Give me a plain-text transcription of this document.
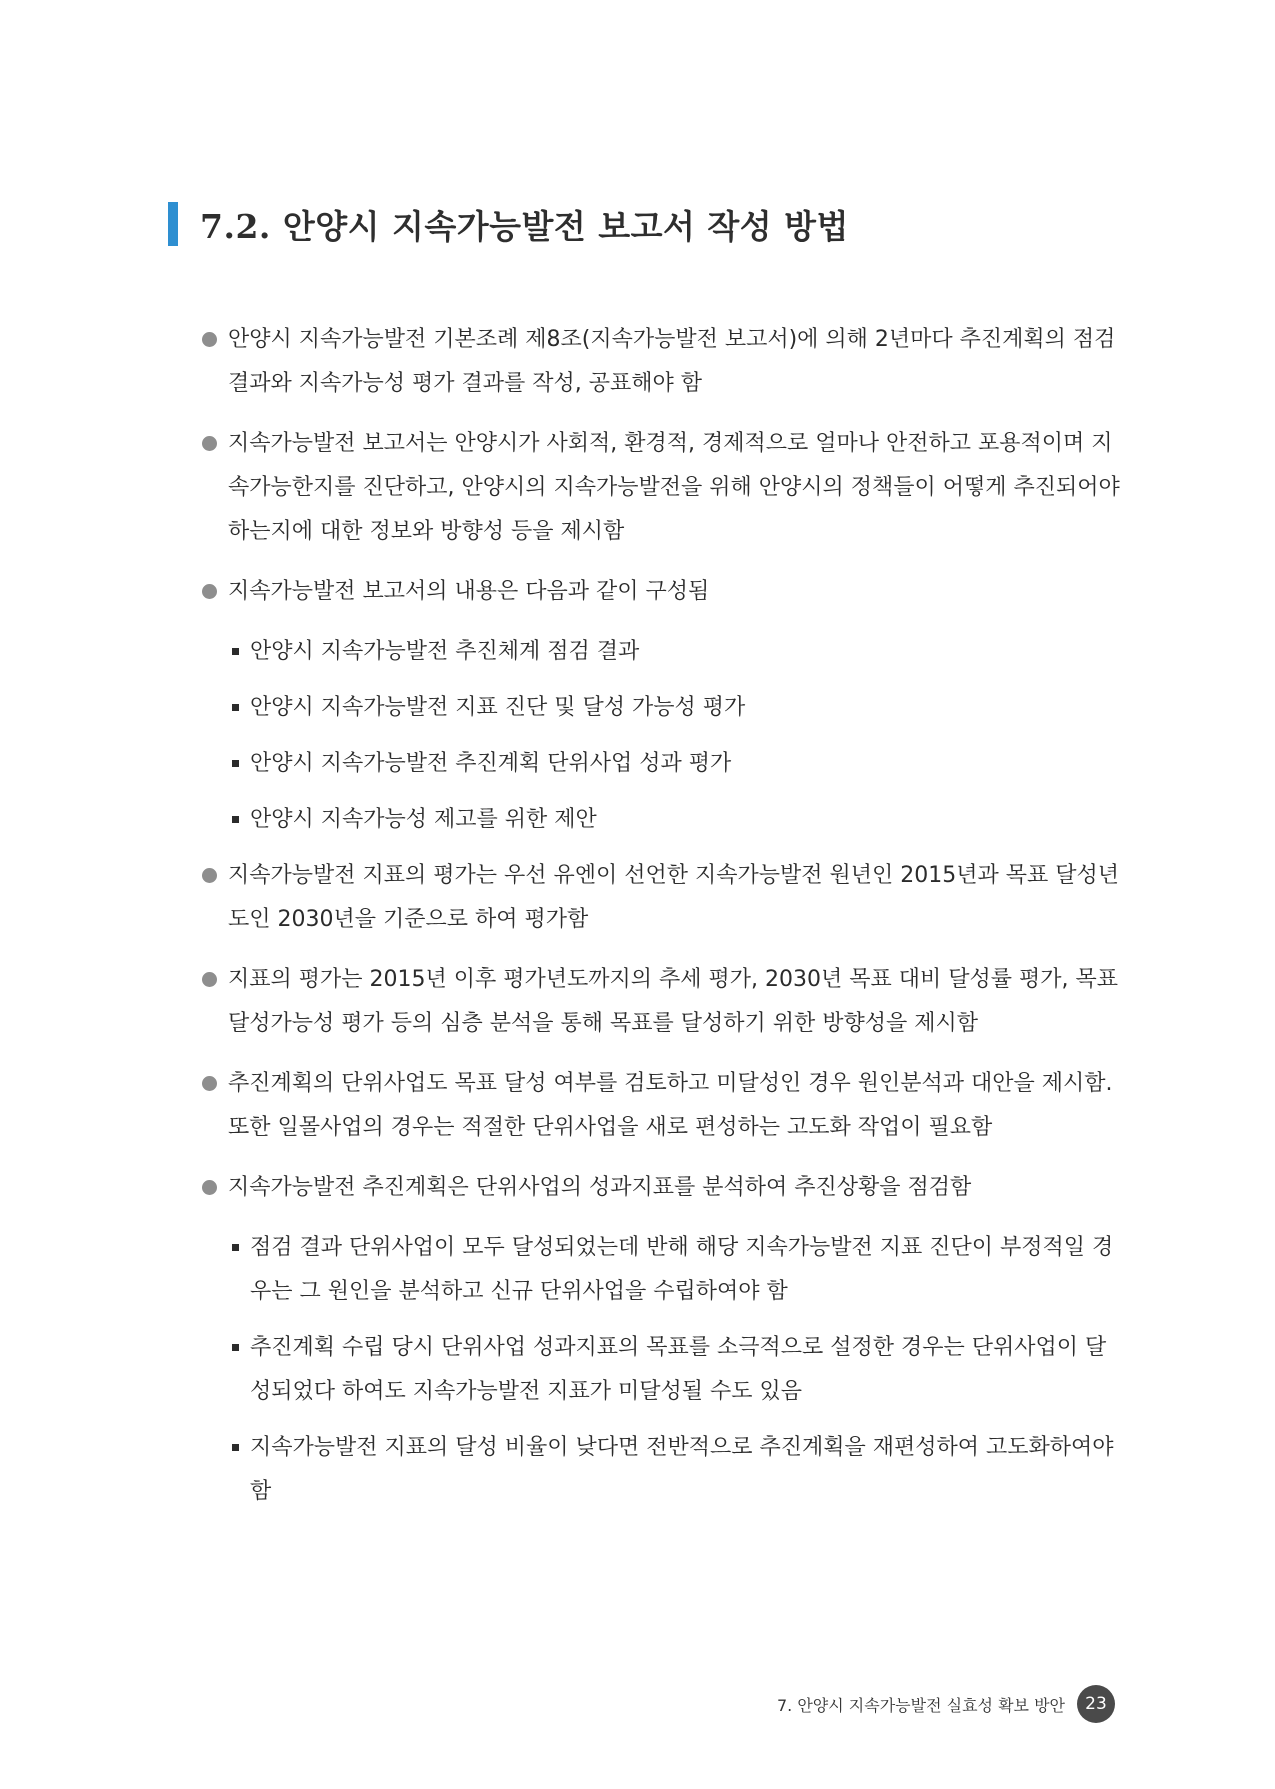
7.2. 안양시 지속가능발전 보고서 작성 방법
안양시 지속가능발전 기본조례 제8조(지속가능발전 보고서)에 의해 2년마다 추진계획의 점검 결과와 지속가능성 평가 결과를 작성, 공표해야 함
지속가능발전 보고서는 안양시가 사회적, 환경적, 경제적으로 얼마나 안전하고 포용적이며 지속가능한지를 진단하고, 안양시의 지속가능발전을 위해 안양시의 정책들이 어떻게 추진되어야 하는지에 대한 정보와 방향성 등을 제시함
지속가능발전 보고서의 내용은 다음과 같이 구성됨
안양시 지속가능발전 추진체계 점검 결과
안양시 지속가능발전 지표 진단 및 달성 가능성 평가
안양시 지속가능발전 추진계획 단위사업 성과 평가
안양시 지속가능성 제고를 위한 제안
지속가능발전 지표의 평가는 우선 유엔이 선언한 지속가능발전 원년인 2015년과 목표 달성년도인 2030년을 기준으로 하여 평가함
지표의 평가는 2015년 이후 평가년도까지의 추세 평가, 2030년 목표 대비 달성률 평가, 목표 달성가능성 평가 등의 심층 분석을 통해 목표를 달성하기 위한 방향성을 제시함
추진계획의 단위사업도 목표 달성 여부를 검토하고 미달성인 경우 원인분석과 대안을 제시함. 또한 일몰사업의 경우는 적절한 단위사업을 새로 편성하는 고도화 작업이 필요함
지속가능발전 추진계획은 단위사업의 성과지표를 분석하여 추진상황을 점검함
점검 결과 단위사업이 모두 달성되었는데 반해 해당 지속가능발전 지표 진단이 부정적일 경우는 그 원인을 분석하고 신규 단위사업을 수립하여야 함
추진계획 수립 당시 단위사업 성과지표의 목표를 소극적으로 설정한 경우는 단위사업이 달성되었다 하여도 지속가능발전 지표가 미달성될 수도 있음
지속가능발전 지표의 달성 비율이 낮다면 전반적으로 추진계획을 재편성하여 고도화하여야 함
7. 안양시 지속가능발전 실효성 확보 방안	23
